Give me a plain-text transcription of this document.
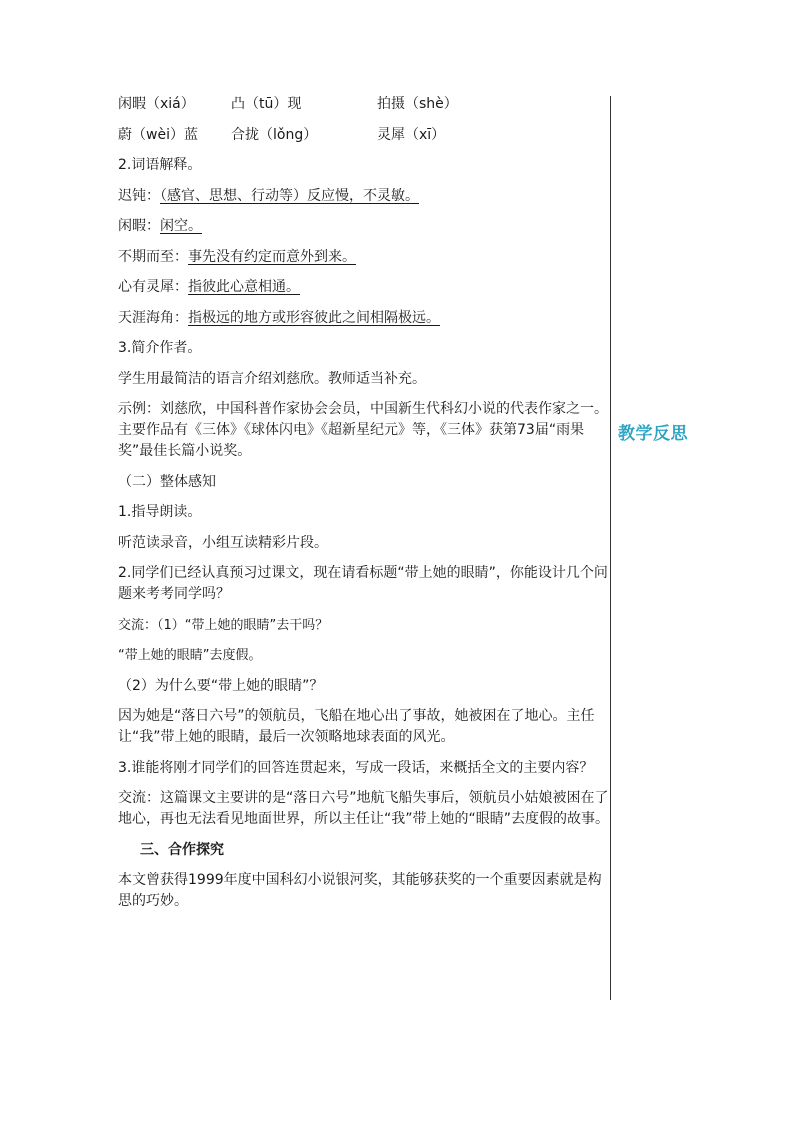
闲暇（xiá）	凸（tū）现	拍摄（shè）
蔚（wèi）蓝	合拢（lǒng）	灵犀（xī）
2.词语解释。
迟钝：（感官、思想、行动等）反应慢，不灵敏。
闲暇：闲空。
不期而至：事先没有约定而意外到来。
心有灵犀：指彼此心意相通。
天涯海角：指极远的地方或形容彼此之间相隔极远。
3.简介作者。
学生用最简洁的语言介绍刘慈欣。教师适当补充。
示例：刘慈欣，中国科普作家协会会员，中国新生代科幻小说的代表作家之一。主要作品有《三体》《球体闪电》《超新星纪元》等，《三体》获第73届“雨果奖”最佳长篇小说奖。
（二）整体感知
1.指导朗读。
听范读录音，小组互读精彩片段。
2.同学们已经认真预习过课文，现在请看标题“带上她的眼睛”，你能设计几个问题来考考同学吗？
交流：（1）“带上她的眼睛”去干吗？
“带上她的眼睛”去度假。
（2）为什么要“带上她的眼睛”？
因为她是“落日六号”的领航员，飞船在地心出了事故，她被困在了地心。主任让“我”带上她的眼睛，最后一次领略地球表面的风光。
3.谁能将刚才同学们的回答连贯起来，写成一段话，来概括全文的主要内容？
交流：这篇课文主要讲的是“落日六号”地航飞船失事后，领航员小姑娘被困在了地心，再也无法看见地面世界，所以主任让“我”带上她的“眼睛”去度假的故事。
三、合作探究
本文曾获得1999年度中国科幻小说银河奖，其能够获奖的一个重要因素就是构思的巧妙。
教学反思
